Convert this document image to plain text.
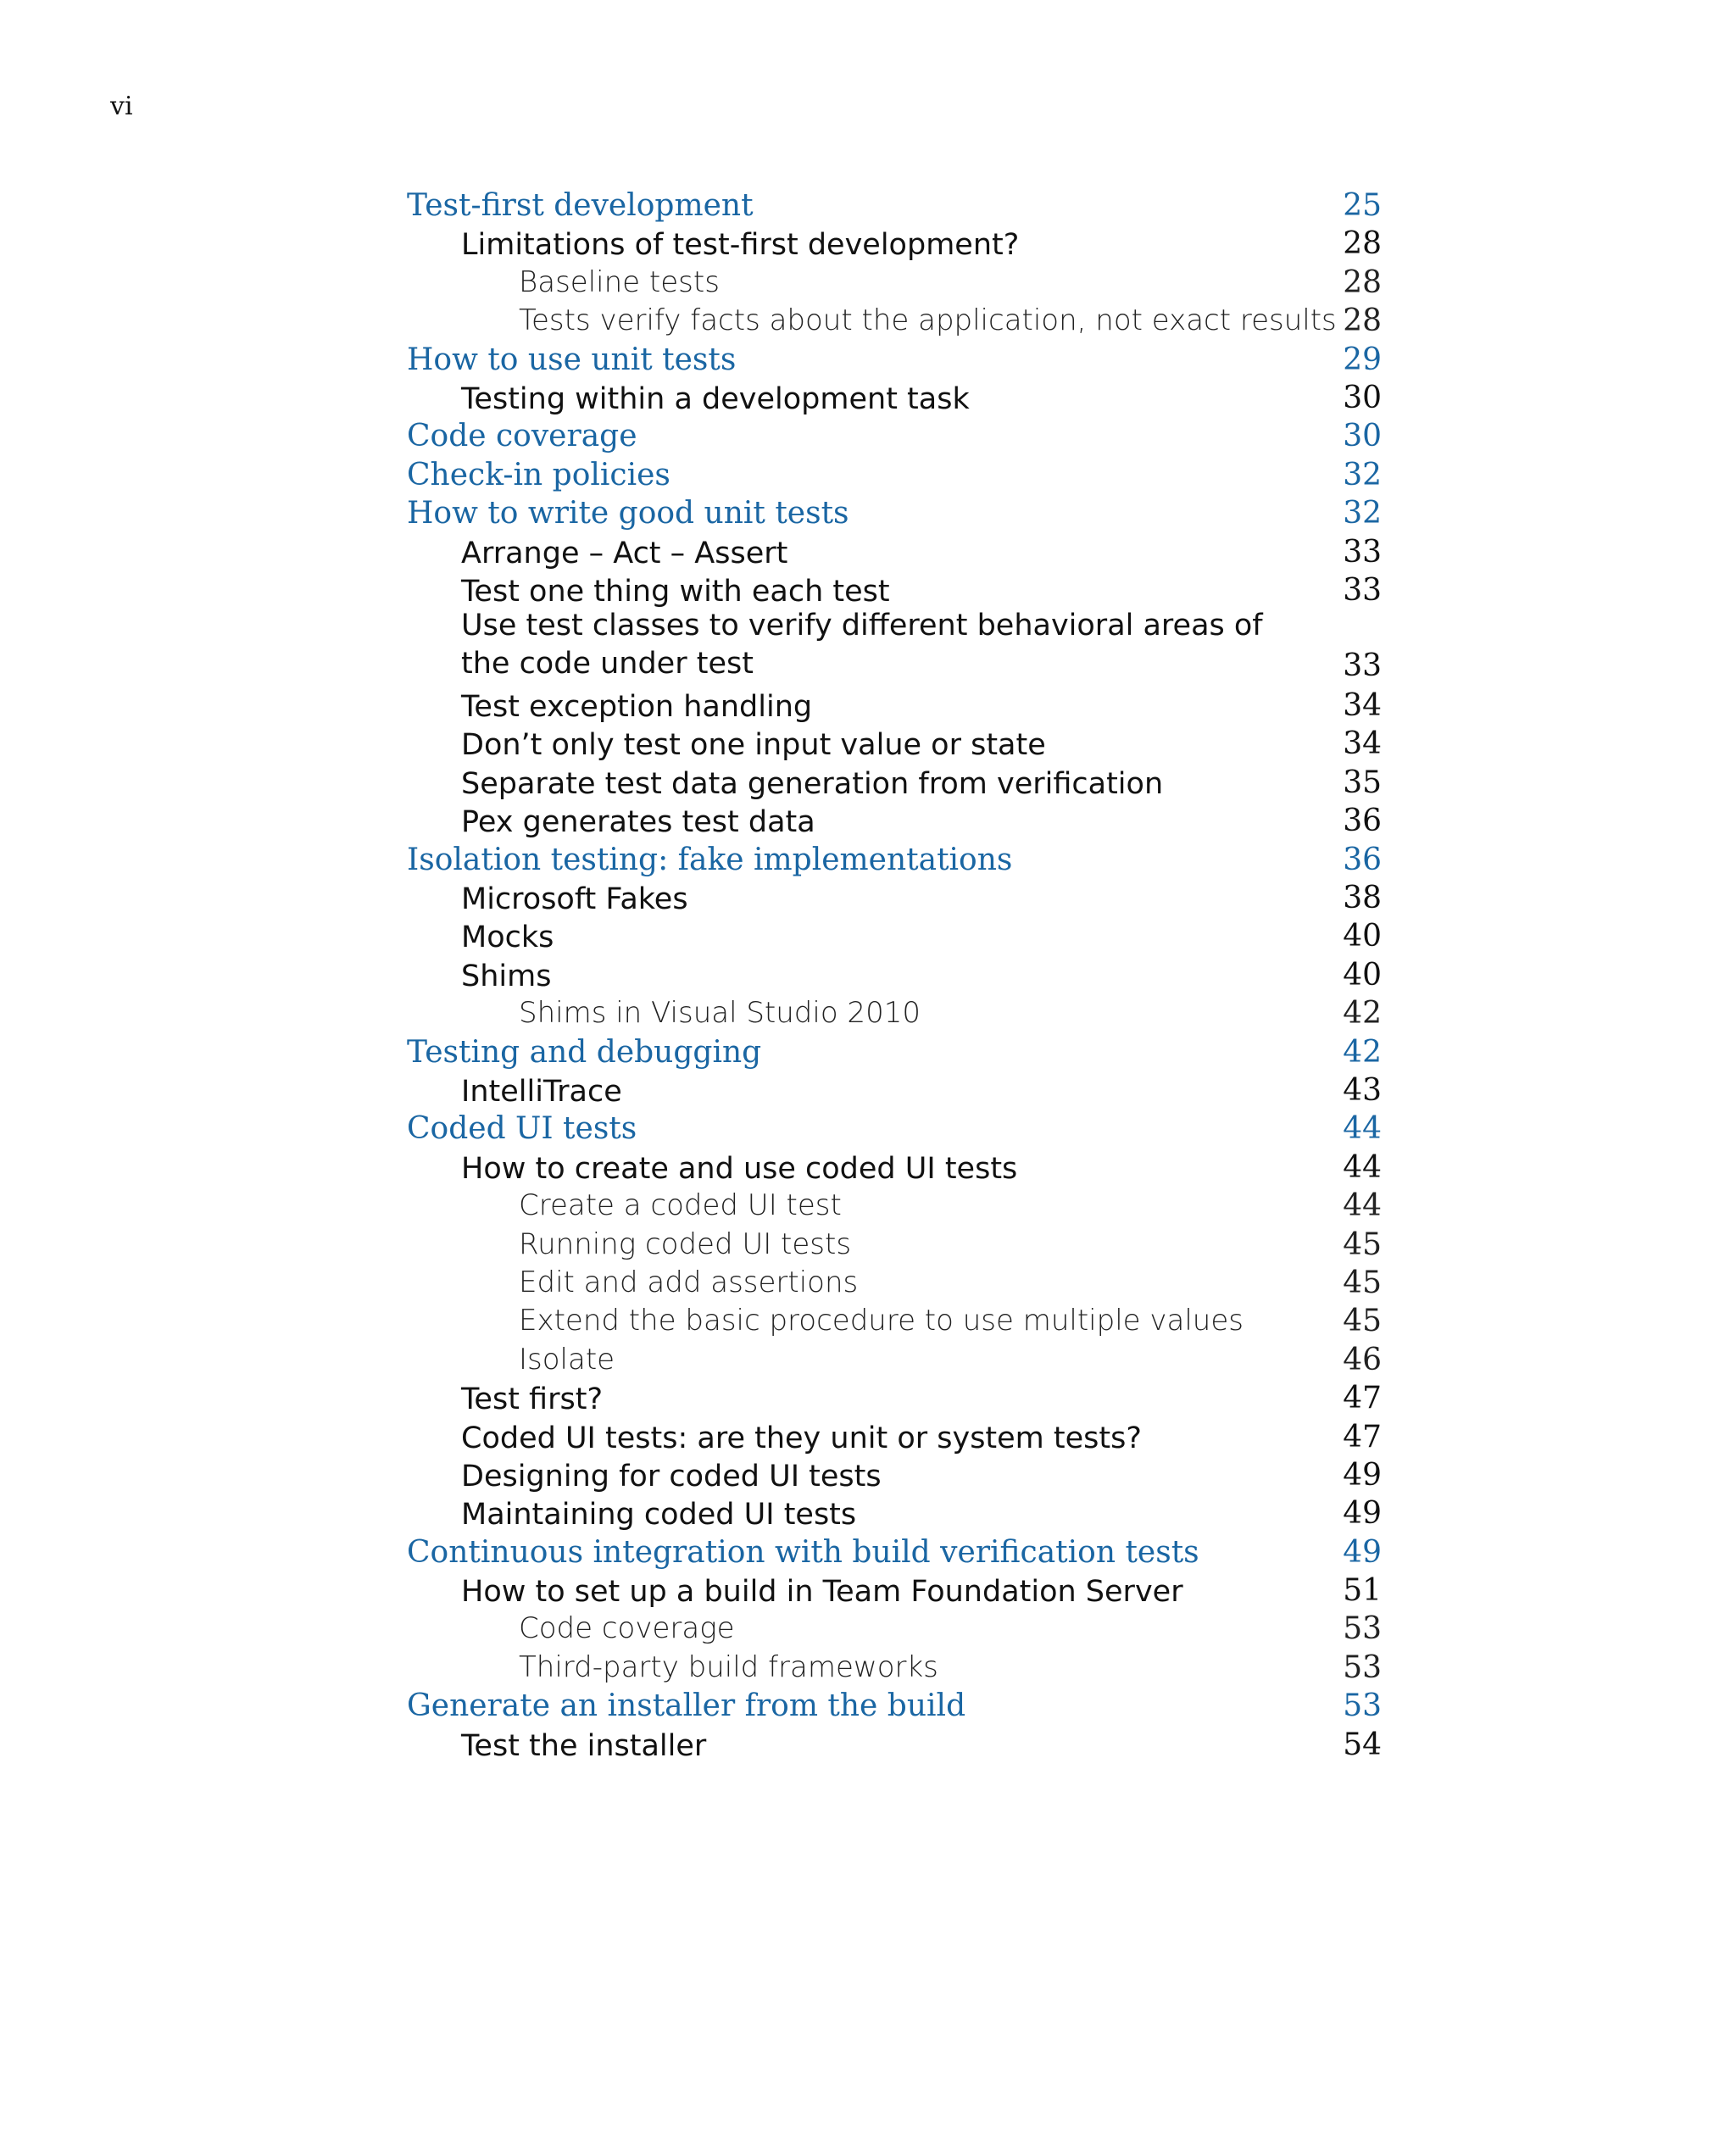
vi
Test-first development	25
Limitations of test-first development?	28
Baseline tests	28
Tests verify facts about the application, not exact results 28
How to use unit tests	29
Testing within a development task	30
Code coverage	30
Check-in policies	32
How to write good unit tests	32
Arrange – Act – Assert	33
Test one thing with each test	33
Use test classes to verify different behavioral areas of the code under test	33
Test exception handling	34
Don’t only test one input value or state	34
Separate test data generation from verification	35
Pex generates test data	36
Isolation testing: fake implementations	36
Microsoft Fakes	38
Mocks	40
Shims	40
Shims in Visual Studio 2010	42
Testing and debugging	42
IntelliTrace	43
Coded UI tests	44
How to create and use coded UI tests	44
Create a coded UI test	44
Running coded UI tests	45
Edit and add assertions	45
Extend the basic procedure to use multiple values	45
Isolate	46
Test first?	47
Coded UI tests: are they unit or system tests?	47
Designing for coded UI tests	49
Maintaining coded UI tests	49
Continuous integration with build verification tests	49
How to set up a build in Team Foundation Server	51
Code coverage	53
Third-party build frameworks	53
Generate an installer from the build	53
Test the installer	54
